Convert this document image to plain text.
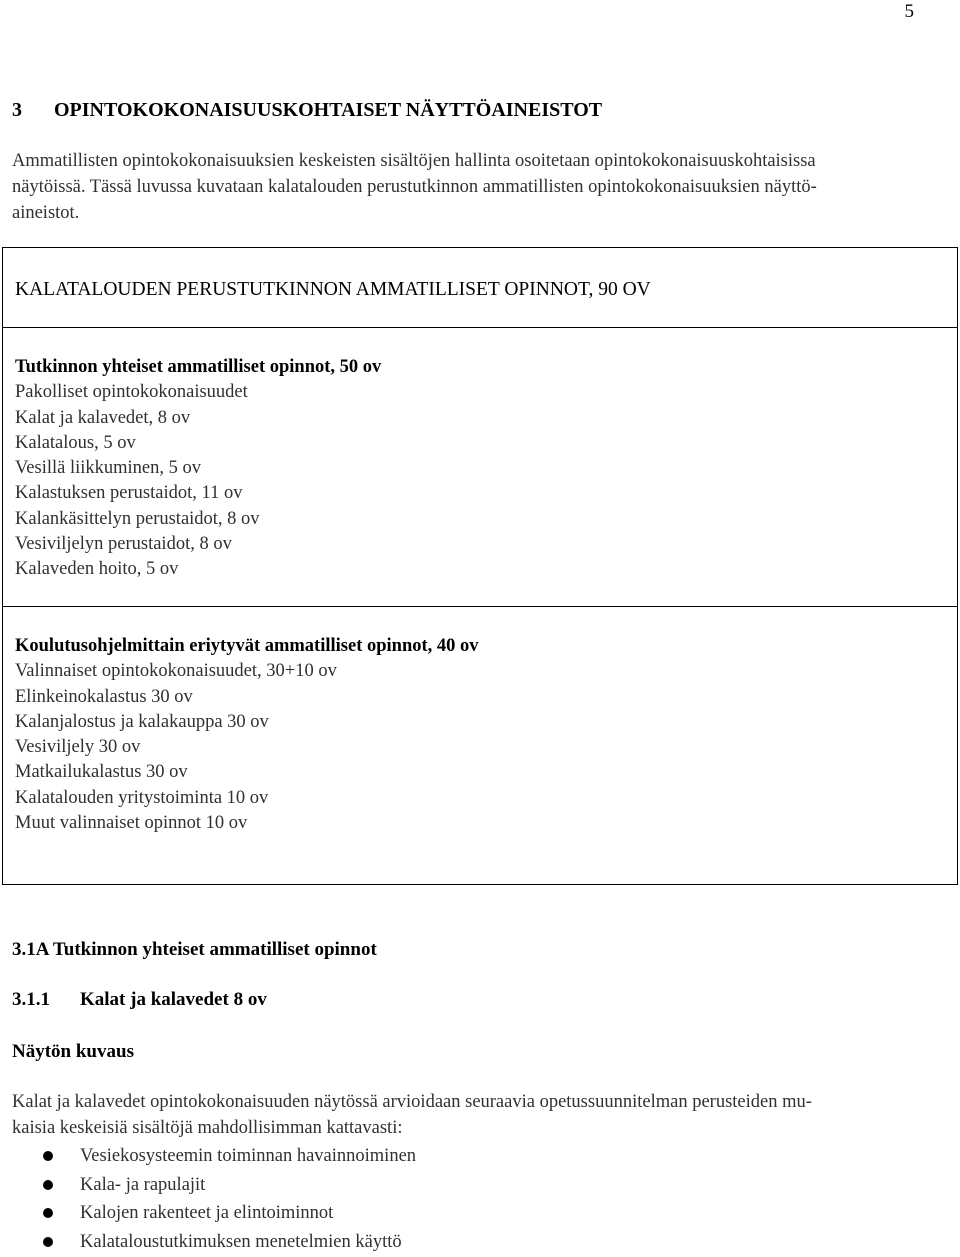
5
3 OPINTOKOKONAISUUSKOHTAISET NÄYTTÖAINEISTOT
Ammatillisten opintokokonaisuuksien keskeisten sisältöjen hallinta osoitetaan opintokokonaisuuskohtaisissa
näytöissä. Tässä luvussa kuvataan kalatalouden perustutkinnon ammatillisten opintokokonaisuuksien näyttö-
aineistot.
KALATALOUDEN PERUSTUTKINNON AMMATILLISET OPINNOT, 90 OV
Tutkinnon yhteiset ammatilliset opinnot, 50 ov
Pakolliset opintokokonaisuudet
Kalat ja kalavedet, 8 ov
Kalatalous, 5 ov
Vesillä liikkuminen, 5 ov
Kalastuksen perustaidot, 11 ov
Kalankäsittelyn perustaidot, 8 ov
Vesiviljelyn perustaidot, 8 ov
Kalaveden hoito, 5 ov
Koulutusohjelmittain eriytyvät ammatilliset opinnot, 40 ov
Valinnaiset opintokokonaisuudet, 30+10 ov
Elinkeinokalastus 30 ov
Kalanjalostus ja kalakauppa 30 ov
Vesiviljely 30 ov
Matkailukalastus 30 ov
Kalatalouden yritystoiminta 10 ov
Muut valinnaiset opinnot 10 ov
3.1A Tutkinnon yhteiset ammatilliset opinnot
3.1.1 Kalat ja kalavedet 8 ov
Näytön kuvaus
Kalat ja kalavedet opintokokonaisuuden näytössä arvioidaan seuraavia opetussuunnitelman perusteiden mu-
kaisia keskeisiä sisältöjä mahdollisimman kattavasti:
Vesiekosysteemin toiminnan havainnoiminen
Kala- ja rapulajit
Kalojen rakenteet ja elintoiminnot
Kalataloustutkimuksen menetelmien käyttö
